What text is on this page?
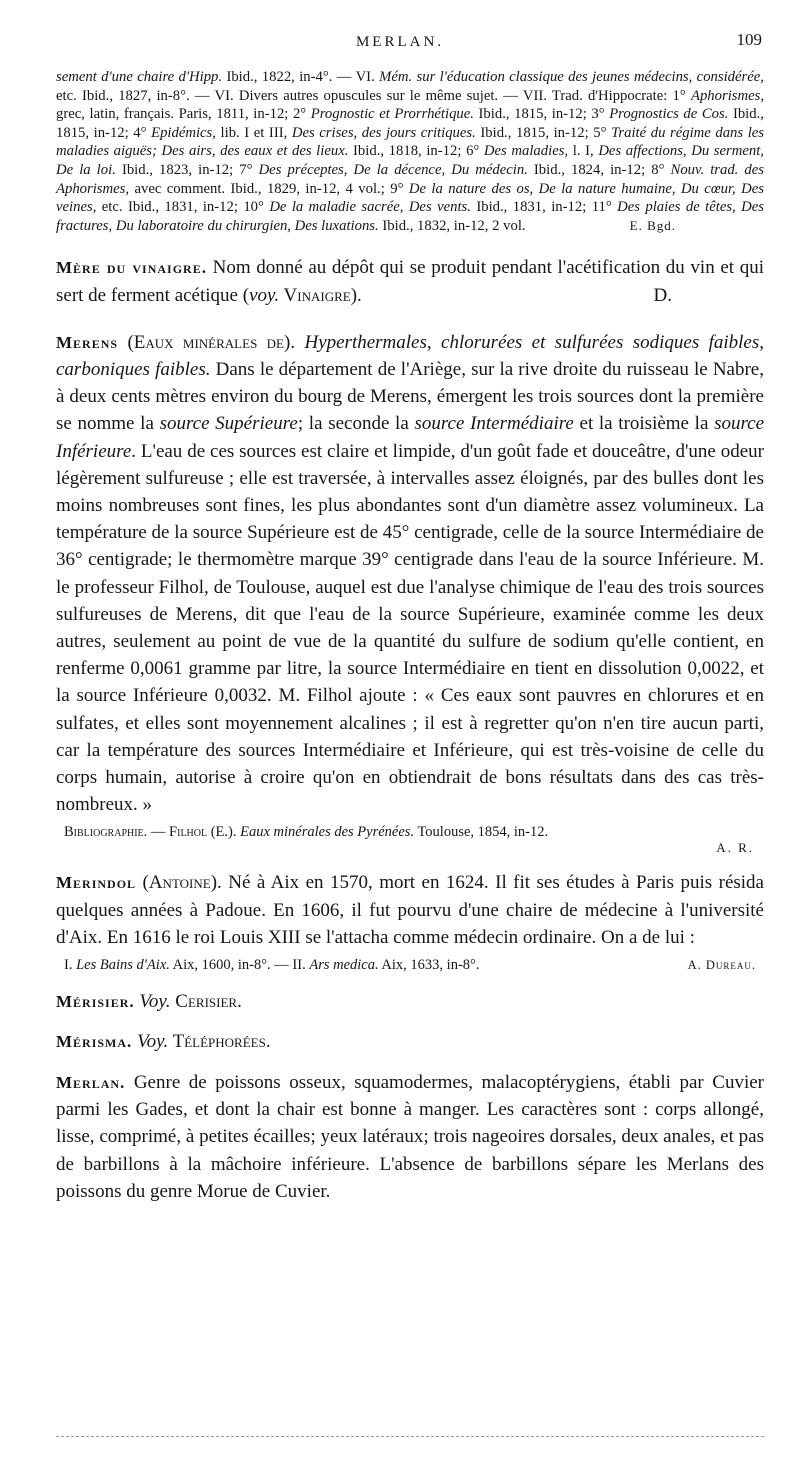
MERLAN.	109

sement d'une chaire d'Hipp. Ibid., 1822, in-4°. — VI. Mém. sur l'éducation classique des jeunes médecins, considérée, etc. Ibid., 1827, in-8°. — VI. Divers autres opuscules sur le même sujet. — VII. Trad. d'Hippocrate: 1° Aphorismes, grec, latin, français. Paris, 1811, in-12; 2° Prognostic et Prorrhétique. Ibid., 1815, in-12; 3° Prognostics de Cos. Ibid., 1815, in-12; 4° Epidémics, lib. I et III, Des crises, des jours critiques. Ibid., 1815, in-12; 5° Traité du régime dans les maladies aiguës; Des airs, des eaux et des lieux. Ibid., 1818, in-12; 6° Des maladies, l. I, Des affections, Du serment, De la loi. Ibid., 1823, in-12; 7° Des préceptes, De la décence, Du médecin. Ibid., 1824, in-12; 8° Nouv. trad. des Aphorismes, avec comment. Ibid., 1829, in-12, 4 vol.; 9° De la nature des os, De la nature humaine, Du cœur, Des veines, etc. Ibid., 1831, in-12; 10° De la maladie sacrée, Des vents. Ibid., 1831, in-12; 11° Des plaies de têtes, Des fractures, Du laboratoire du chirurgien, Des luxations. Ibid., 1832, in-12, 2 vol.	E. Bgd.

Mère du vinaigre. Nom donné au dépôt qui se produit pendant l'acétification du vin et qui sert de ferment acétique (voy. Vinaigre).	D.

Merens (Eaux minérales de). Hyperthermales, chlorurées et sulfurées sodiques faibles, carboniques faibles. Dans le département de l'Ariège, sur la rive droite du ruisseau le Nabre, à deux cents mètres environ du bourg de Merens, émergent les trois sources dont la première se nomme la source Supérieure; la seconde la source Intermédiaire et la troisième la source Inférieure. L'eau de ces sources est claire et limpide, d'un goût fade et douceâtre, d'une odeur légèrement sulfureuse ; elle est traversée, à intervalles assez éloignés, par des bulles dont les moins nombreuses sont fines, les plus abondantes sont d'un diamètre assez volumineux. La température de la source Supérieure est de 45° centigrade, celle de la source Intermédiaire de 36° centigrade; le thermomètre marque 39° centigrade dans l'eau de la source Inférieure. M. le professeur Filhol, de Toulouse, auquel est due l'analyse chimique de l'eau des trois sources sulfureuses de Merens, dit que l'eau de la source Supérieure, examinée comme les deux autres, seulement au point de vue de la quantité du sulfure de sodium qu'elle contient, en renferme 0,0061 gramme par litre, la source Intermédiaire en tient en dissolution 0,0022, et la source Inférieure 0,0032. M. Filhol ajoute : « Ces eaux sont pauvres en chlorures et en sulfates, et elles sont moyennement alcalines ; il est à regretter qu'on n'en tire aucun parti, car la température des sources Intermédiaire et Inférieure, qui est très-voisine de celle du corps humain, autorise à croire qu'on en obtiendrait de bons résultats dans des cas très-nombreux. »

Bibliographie. — Filhol (E.). Eaux minérales des Pyrénées. Toulouse, 1854, in-12.
A. R.

Merindol (Antoine). Né à Aix en 1570, mort en 1624. Il fit ses études à Paris puis résida quelques années à Padoue. En 1606, il fut pourvu d'une chaire de médecine à l'université d'Aix. En 1616 le roi Louis XIII se l'attacha comme médecin ordinaire. On a de lui :

I. Les Bains d'Aix. Aix, 1600, in-8°. — II. Ars medica. Aix, 1633, in-8°.	A. Dureau.

Mérisier. Voy. Cerisier.

Mérisma. Voy. Téléphorées.

Merlan. Genre de poissons osseux, squamodermes, malacoptérygiens, établi par Cuvier parmi les Gades, et dont la chair est bonne à manger. Les caractères sont : corps allongé, lisse, comprimé, à petites écailles; yeux latéraux; trois nageoires dorsales, deux anales, et pas de barbillons à la mâchoire inférieure. L'absence de barbillons sépare les Merlans des poissons du genre Morue de Cuvier.
